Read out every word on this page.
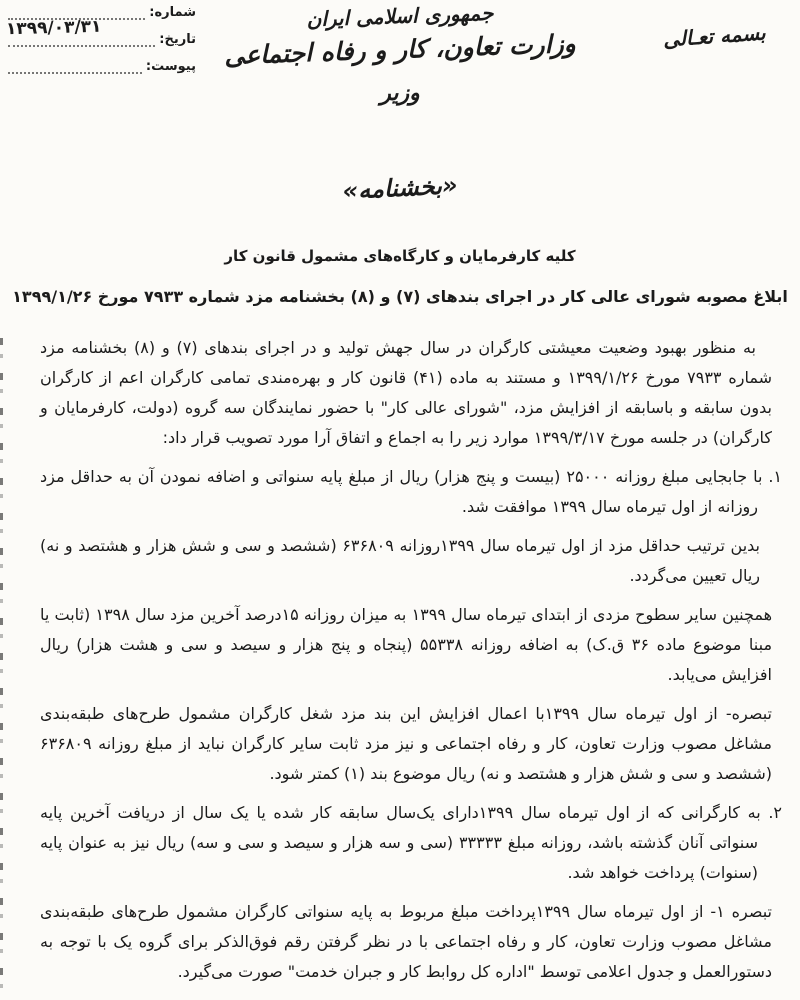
شماره:
تاریخ:
پیوست:
۱۳۹۹/۰۳/۳۱	بسمه تعـالی
جمهوری اسلامی ایران
وزارت تعاون، کار و رفاه اجتماعی
وزیر
«بخشنامه»
کلیه کارفرمایان و کارگاه‌های مشمول قانون کار
ابلاغ مصوبه شورای عالی کار در اجرای بندهای (۷) و (۸) بخشنامه مزد شماره ۷۹۳۳ مورخ ۱۳۹۹/۱/۲۶

به منظور بهبود وضعیت معیشتی کارگران در سال جهش تولید و در اجرای بندهای (۷) و (۸) بخشنامه مزد شماره ۷۹۳۳ مورخ ۱۳۹۹/۱/۲۶ و مستند به ماده (۴۱) قانون کار و بهره‌مندی تمامی کارگران اعم از کارگران بدون سابقه و باسابقه از افزایش مزد، "شورای عالی کار" با حضور نمایندگان سه گروه (دولت، کارفرمایان و کارگران) در جلسه مورخ ۱۳۹۹/۳/۱۷ موارد زیر را به اجماع و اتفاق آرا مورد تصویب قرار داد:

۱. با جابجایی مبلغ روزانه ۲۵۰۰۰ (بیست و پنج هزار) ریال از مبلغ پایه سنواتی و اضافه نمودن آن به حداقل مزد روزانه از اول تیرماه سال ۱۳۹۹ موافقت شد.

بدین ترتیب حداقل مزد از اول تیرماه سال ۱۳۹۹روزانه ۶۳۶۸۰۹ (ششصد و سی و شش هزار و هشتصد و نه) ریال تعیین می‌گردد.

همچنین سایر سطوح مزدی از ابتدای تیرماه سال ۱۳۹۹ به میزان روزانه ۱۵درصد آخرین مزد سال ۱۳۹۸ (ثابت یا مبنا موضوع ماده ۳۶ ق.ک) به اضافه روزانه ۵۵۳۳۸ (پنجاه و پنج هزار و سیصد و سی و هشت هزار) ریال افزایش می‌یابد.

تبصره- از اول تیرماه سال ۱۳۹۹با اعمال افزایش این بند مزد شغل کارگران مشمول طرح‌های طبقه‌بندی مشاغل مصوب وزارت تعاون، کار و رفاه اجتماعی و نیز مزد ثابت سایر کارگران نباید از مبلغ روزانه ۶۳۶۸۰۹ (ششصد و سی و شش هزار و هشتصد و نه) ریال موضوع بند (۱) کمتر شود.

۲. به کارگرانی که از اول تیرماه سال ۱۳۹۹دارای یک‌سال سابقه کار شده یا یک سال از دریافت آخرین پایه سنواتی آنان گذشته باشد، روزانه مبلغ ۳۳۳۳۳ (سی و سه هزار و سیصد و سی و سه) ریال نیز به عنوان پایه (سنوات) پرداخت خواهد شد.

تبصره ۱- از اول تیرماه سال ۱۳۹۹پرداخت مبلغ مربوط به پایه سنواتی کارگران مشمول طرح‌های طبقه‌بندی مشاغل مصوب وزارت تعاون، کار و رفاه اجتماعی با در نظر گرفتن رقم فوق‌الذکر برای گروه یک با توجه به دستورالعمل و جدول اعلامی توسط "اداره کل روابط کار و جبران خدمت" صورت می‌گیرد.
